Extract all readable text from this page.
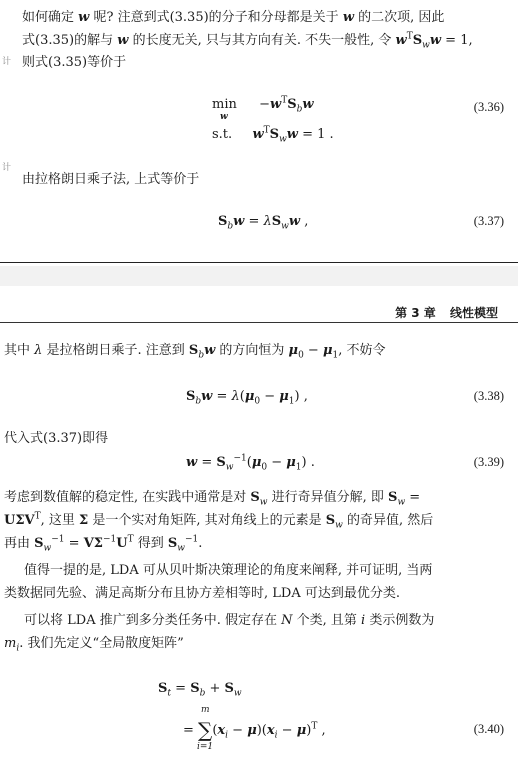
计
计
如何确定 w 呢? 注意到式(3.35)的分子和分母都是关于 w 的二次项, 因此
式(3.35)的解与 w 的长度无关, 只与其方向有关. 不失一般性, 令 $w^TS_ww = 1$,
则式(3.35)等价于
$\min -w^TS_bw$
w
s.t. $w^TS_ww = 1$ .
(3.36)
由拉格朗日乘子法, 上式等价于
$S_bw = \lambda S_ww$ ,	(3.37)
第 3 章 线性模型
其中 λ 是拉格朗日乘子. 注意到 $S_bw$ 的方向恒为 $\mu_0 - \mu_1$, 不妨令
$S_bw = \lambda(\mu_0 - \mu_1)$ ,	(3.38)
代入式(3.37)即得
$w = S_w^{-1}(\mu_0 - \mu_1)$ .	(3.39)
考虑到数值解的稳定性, 在实践中通常是对 $S_w$ 进行奇异值分解, 即 $S_w$ =
$U\Sigma V^T$, 这里 Σ 是一个实对角矩阵, 其对角线上的元素是 $S_w$ 的奇异值, 然后
再由 $S_w^{-1} = V\Sigma^{-1}U^T$ 得到 $S_w^{-1}$.
值得一提的是, LDA 可从贝叶斯决策理论的角度来阐释, 并可证明, 当两
类数据同先验、满足高斯分布且协方差相等时, LDA 可达到最优分类.
可以将 LDA 推广到多分类任务中. 假定存在 N 个类, 且第 i 类示例数为
$m_i$. 我们先定义“全局散度矩阵”
$S_t = S_b + S_w$
m
= $\sum(x_i - \mu)(x_i - \mu)^T$ ,
i=1
(3.40)
